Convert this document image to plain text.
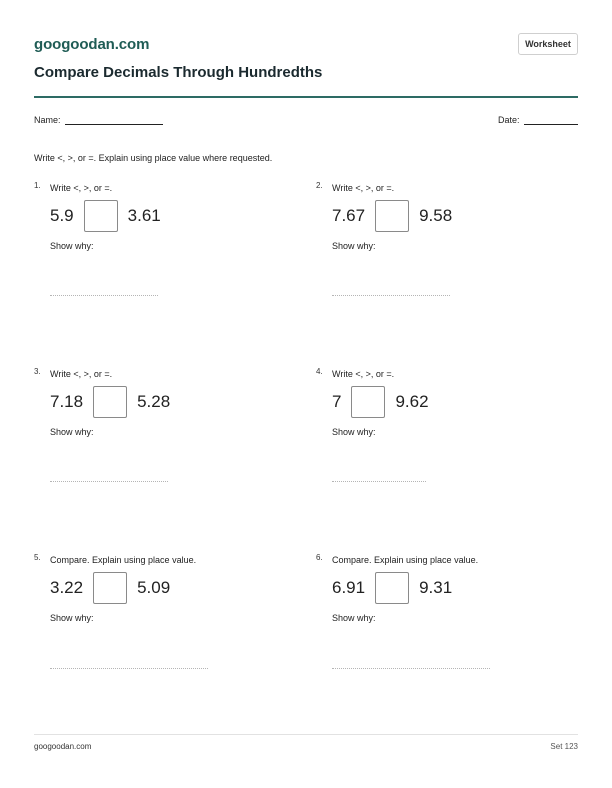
googoodan.com	Worksheet
Compare Decimals Through Hundredths
Name:	Date:
Write <, >, or =. Explain using place value where requested.
1. Write <, >, or =.
5.9	3.61
Show why:
2. Write <, >, or =.
7.67	9.58
Show why:
3. Write <, >, or =.
7.18	5.28
Show why:
4. Write <, >, or =.
7	9.62
Show why:
5. Compare. Explain using place value.
3.22	5.09
Show why:
6. Compare. Explain using place value.
6.91	9.31
Show why:
googoodan.com	Set 123
